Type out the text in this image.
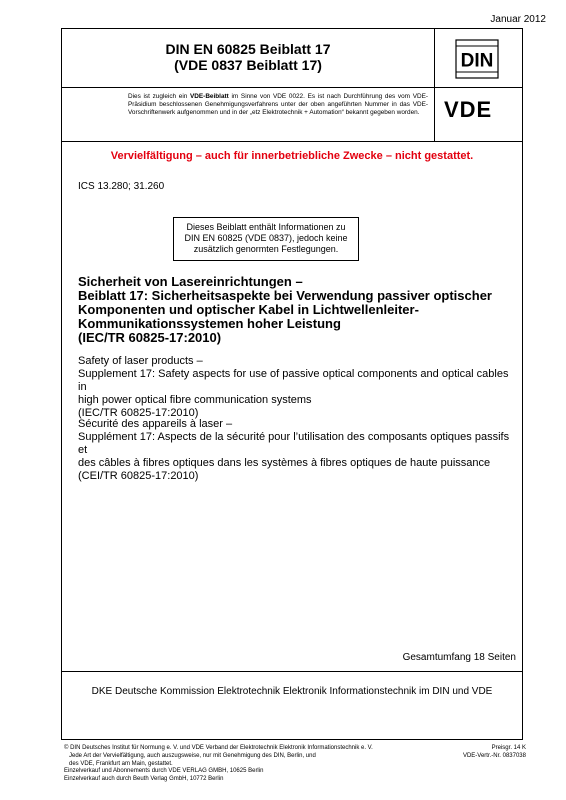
Januar 2012
DIN EN 60825 Beiblatt 17
(VDE 0837 Beiblatt 17)	DIN
Dies ist zugleich ein VDE-Beiblatt im Sinne von VDE 0022. Es ist nach Durchführung des vom VDE-Präsidium beschlossenen Genehmigungsverfahrens unter der oben angeführten Nummer in das VDE-Vorschriftenwerk aufgenommen und in der „etz Elektrotechnik + Automation“ bekannt gegeben worden.	VDE
Vervielfältigung – auch für innerbetriebliche Zwecke – nicht gestattet.
ICS 13.280; 31.260
Dieses Beiblatt enthält Informationen zu DIN EN 60825 (VDE 0837), jedoch keine zusätzlich genormten Festlegungen.
Sicherheit von Lasereinrichtungen –
Beiblatt 17: Sicherheitsaspekte bei Verwendung passiver optischer
Komponenten und optischer Kabel in Lichtwellenleiter-
Kommunikationssystemen hoher Leistung
(IEC/TR 60825-17:2010)
Safety of laser products –
Supplement 17: Safety aspects for use of passive optical components and optical cables in
high power optical fibre communication systems
(IEC/TR 60825-17:2010)
Sécurité des appareils à laser –
Supplément 17: Aspects de la sécurité pour l’utilisation des composants optiques passifs et
des câbles à fibres optiques dans les systèmes à fibres optiques de haute puissance
(CEI/TR 60825-17:2010)
Gesamtumfang 18 Seiten
DKE Deutsche Kommission Elektrotechnik Elektronik Informationstechnik im DIN und VDE
© DIN Deutsches Institut für Normung e. V. und VDE Verband der Elektrotechnik Elektronik Informationstechnik e. V.
Jede Art der Vervielfältigung, auch auszugsweise, nur mit Genehmigung des DIN, Berlin, und
des VDE, Frankfurt am Main, gestattet.
Einzelverkauf und Abonnements durch VDE VERLAG GMBH, 10625 Berlin
Einzelverkauf auch durch Beuth Verlag GmbH, 10772 Berlin
Preisgr. 14 K
VDE-Vertr.-Nr. 0837038
